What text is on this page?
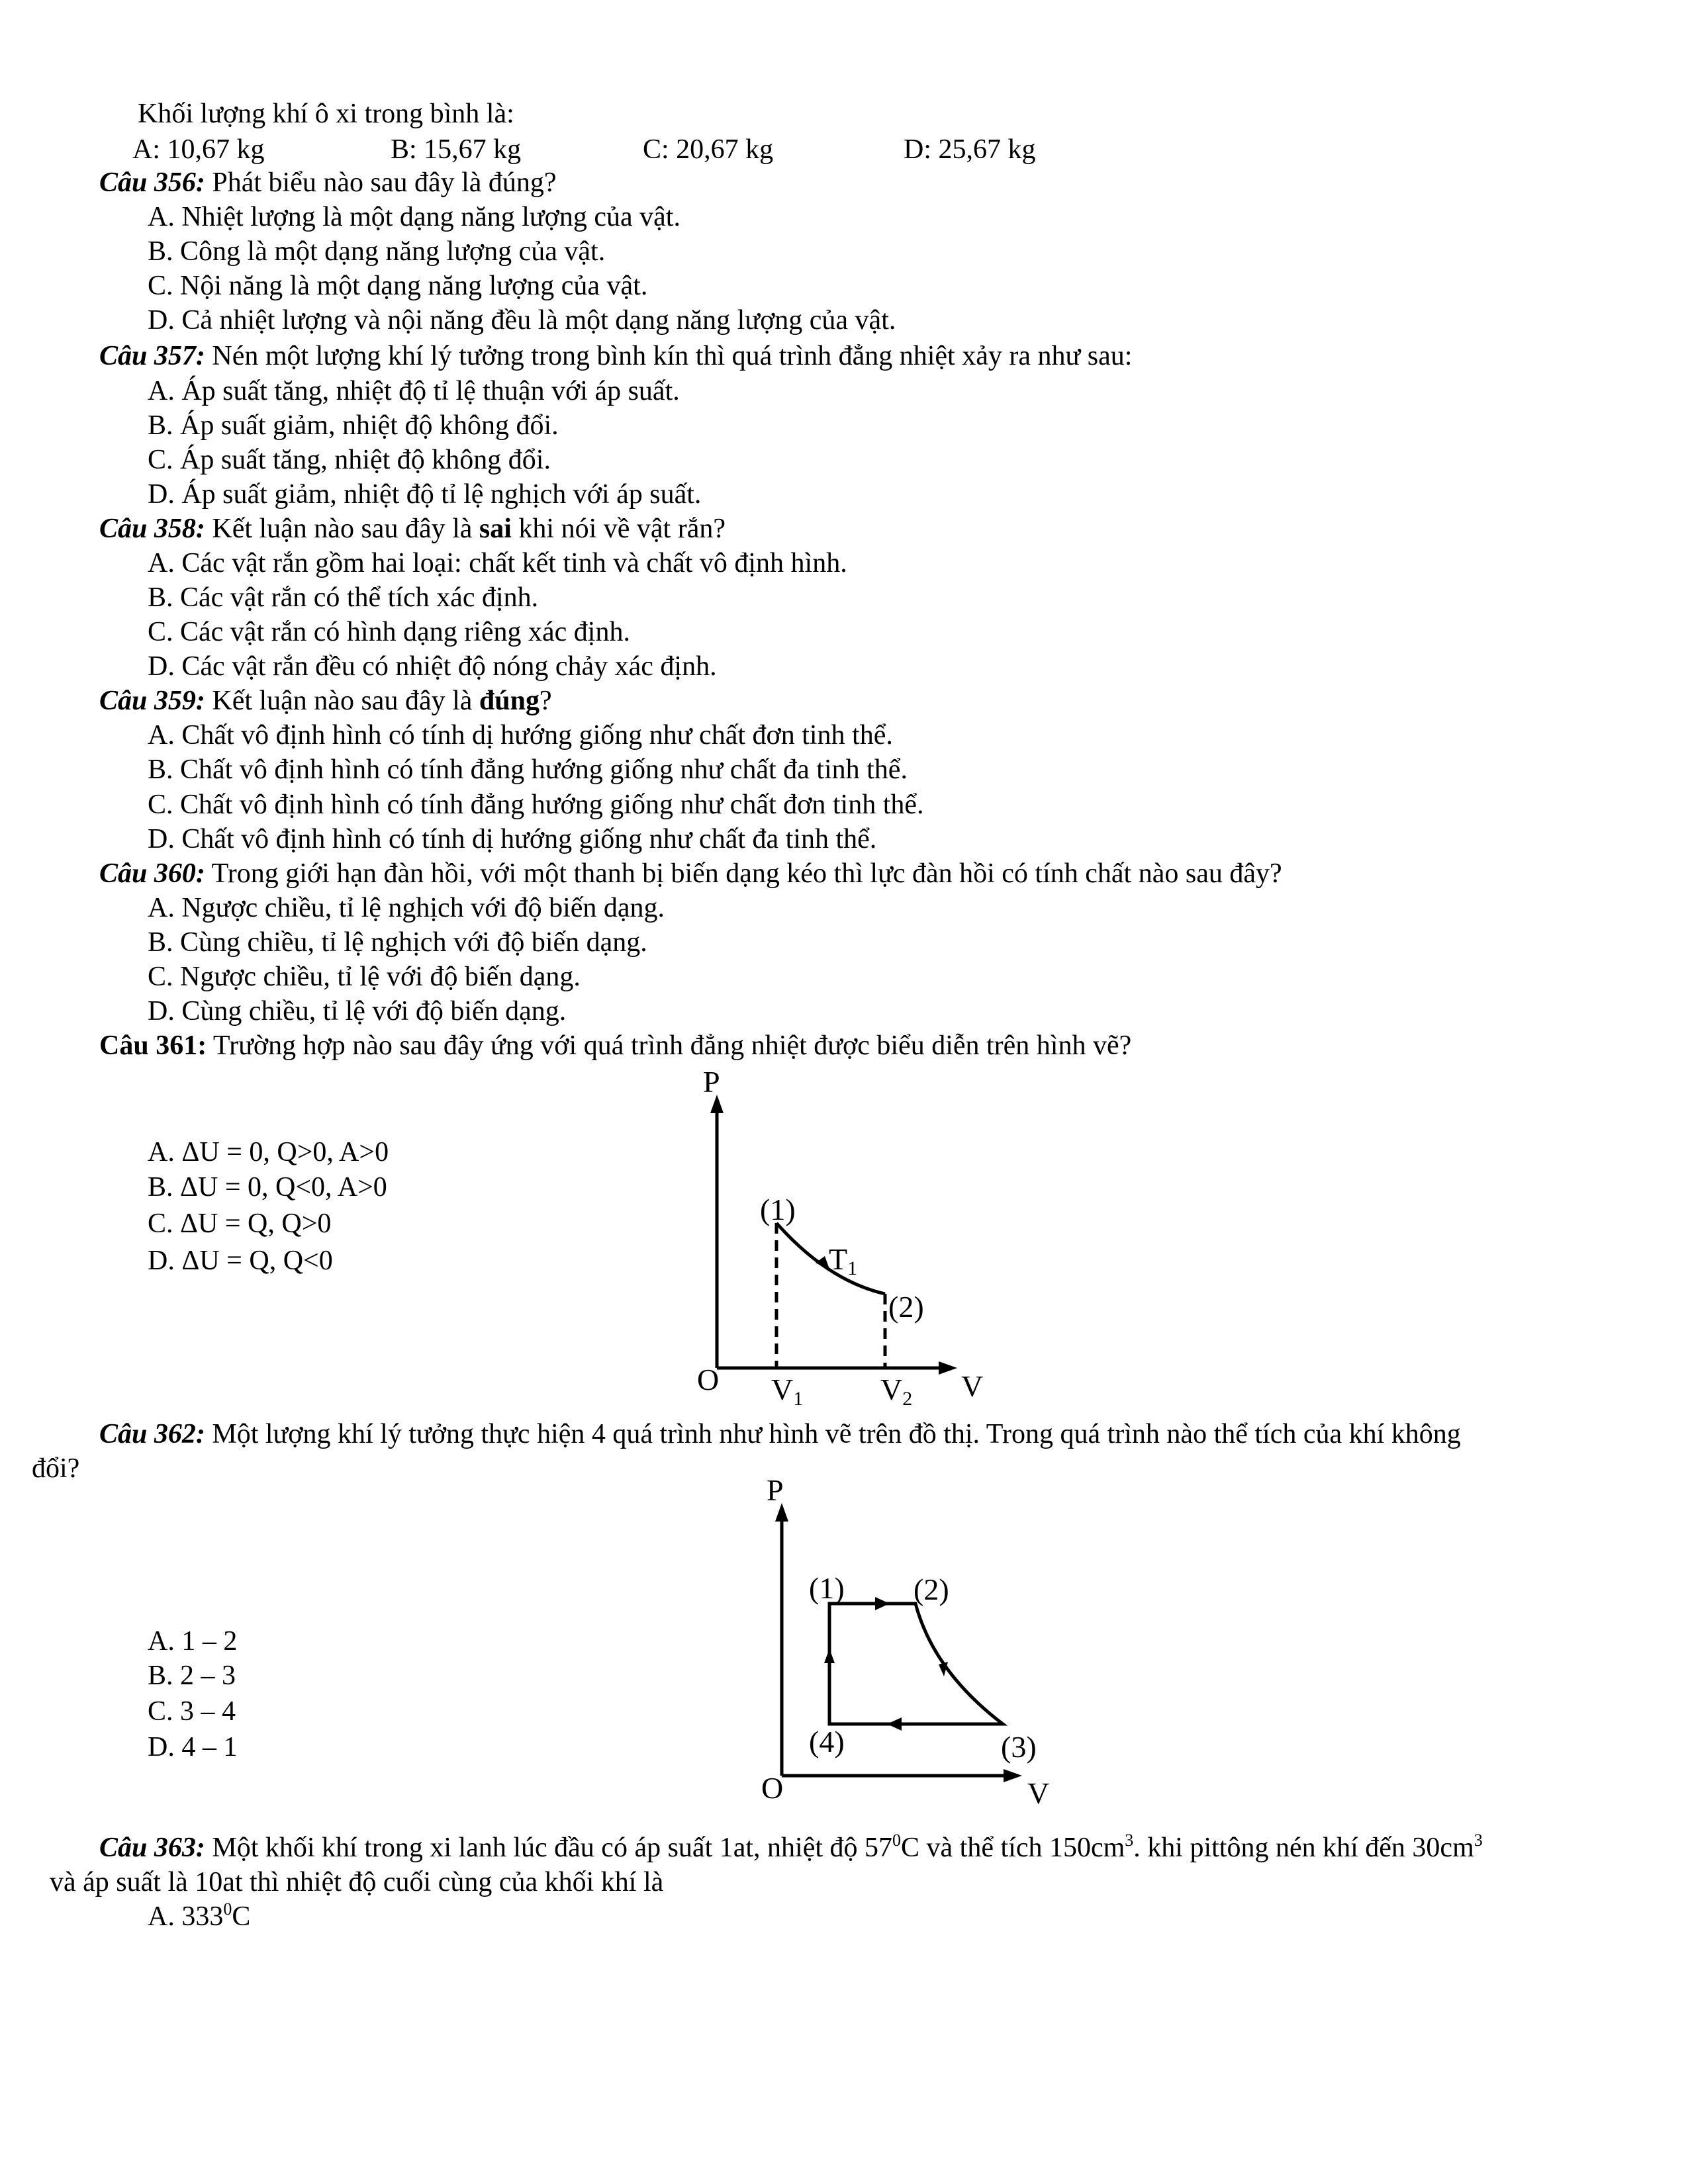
Khối lượng khí ô xi trong bình là:
A: 10,67 kg	B: 15,67 kg	C: 20,67 kg	D: 25,67 kg
Câu 356: Phát biểu nào sau đây là đúng?
A. Nhiệt lượng là một dạng năng lượng của vật.
B. Công là một dạng năng lượng của vật.
C. Nội năng là một dạng năng lượng của vật.
D. Cả nhiệt lượng và nội năng đều là một dạng năng lượng của vật.
Câu 357: Nén một lượng khí lý tưởng trong bình kín thì quá trình đẳng nhiệt xảy ra như sau:
A. Áp suất tăng, nhiệt độ tỉ lệ thuận với áp suất.
B. Áp suất giảm, nhiệt độ không đổi.
C. Áp suất tăng, nhiệt độ không đổi.
D. Áp suất giảm, nhiệt độ tỉ lệ nghịch với áp suất.
Câu 358: Kết luận nào sau đây là sai khi nói về vật rắn?
A. Các vật rắn gồm hai loại: chất kết tinh và chất vô định hình.
B. Các vật rắn có thể tích xác định.
C. Các vật rắn có hình dạng riêng xác định.
D. Các vật rắn đều có nhiệt độ nóng chảy xác định.
Câu 359: Kết luận nào sau đây là đúng?
A. Chất vô định hình có tính dị hướng giống như chất đơn tinh thể.
B. Chất vô định hình có tính đẳng hướng giống như chất đa tinh thể.
C. Chất vô định hình có tính đẳng hướng giống như chất đơn tinh thể.
D. Chất vô định hình có tính dị hướng giống như chất đa tinh thể.
Câu 360: Trong giới hạn đàn hồi, với một thanh bị biến dạng kéo thì lực đàn hồi có tính chất nào sau đây?
A. Ngược chiều, tỉ lệ nghịch với độ biến dạng.
B. Cùng chiều, tỉ lệ nghịch với độ biến dạng.
C. Ngược chiều, tỉ lệ với độ biến dạng.
D. Cùng chiều, tỉ lệ với độ biến dạng.
Câu 361: Trường hợp nào sau đây ứng với quá trình đẳng nhiệt được biểu diễn trên hình vẽ?
A. ΔU = 0, Q>0, A>0
B. ΔU = 0, Q<0, A>0
C. ΔU = Q, Q>0
D. ΔU = Q, Q<0
P
(1)
T1
(2)
O V1	V2 V
P
(1) (2)
(3)
(4)
O	V
Câu 362: Một lượng khí lý tưởng thực hiện 4 quá trình như hình vẽ trên đồ thị. Trong quá trình nào thể tích của khí không
đổi?
A. 1 – 2
B. 2 – 3
C. 3 – 4
D. 4 – 1
Câu 363: Một khối khí trong xi lanh lúc đầu có áp suất 1at, nhiệt độ $57^0C$ và thể tích $150cm^3$. khi pittông nén khí đến $30cm^3$
và áp suất là 10at thì nhiệt độ cuối cùng của khối khí là
A. $333^0C$
